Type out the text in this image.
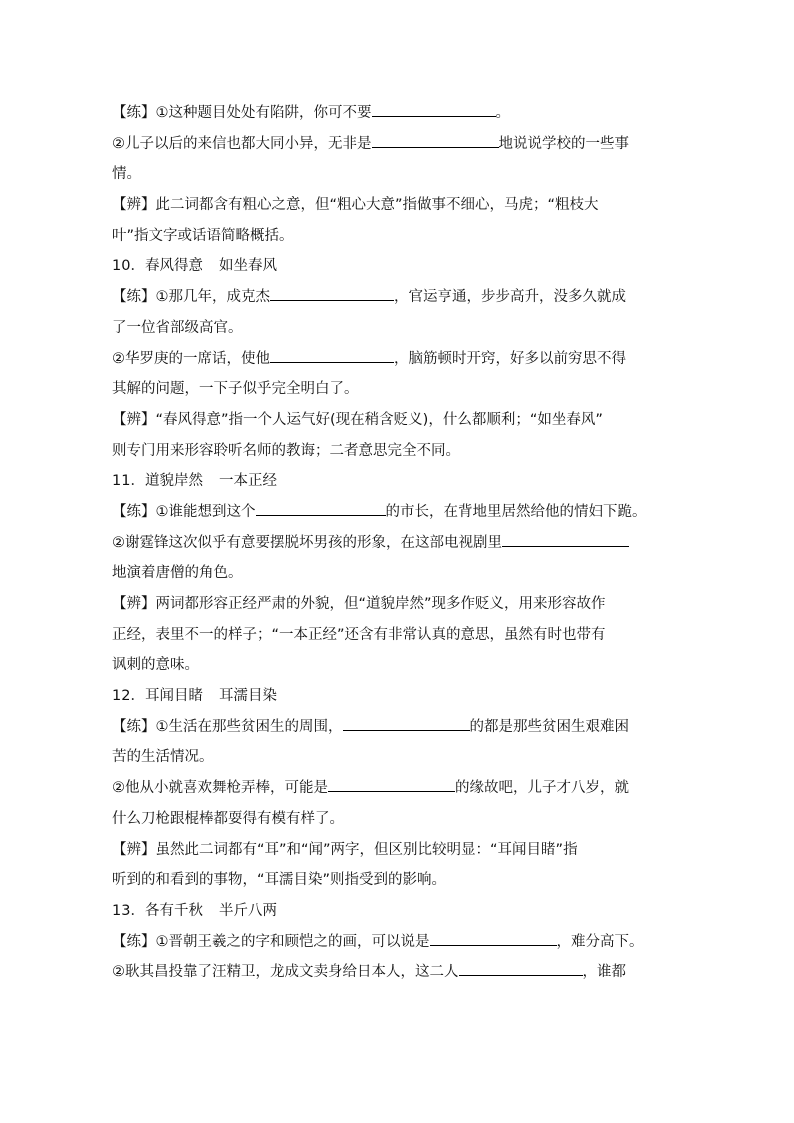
【练】①这种题目处处有陷阱，你可不要	。
②儿子以后的来信也都大同小异，无非是	地说说学校的一些事
情。
【辨】此二词都含有粗心之意，但“粗心大意”指做事不细心，马虎；“粗枝大
叶”指文字或话语简略概括。
10．春风得意 如坐春风
【练】①那几年，成克杰	，官运亨通，步步高升，没多久就成
了一位省部级高官。
②华罗庚的一席话，使他	，脑筋顿时开窍，好多以前穷思不得
其解的问题，一下子似乎完全明白了。
【辨】“春风得意”指一个人运气好(现在稍含贬义)，什么都顺利；“如坐春风”
则专门用来形容聆听名师的教诲；二者意思完全不同。
11．道貌岸然 一本正经
【练】①谁能想到这个	的市长，在背地里居然给他的情妇下跪。
②谢霆锋这次似乎有意要摆脱坏男孩的形象，在这部电视剧里
地演着唐僧的角色。
【辨】两词都形容正经严肃的外貌，但“道貌岸然”现多作贬义，用来形容故作
正经，表里不一的样子；“一本正经”还含有非常认真的意思，虽然有时也带有
讽刺的意味。
12．耳闻目睹 耳濡目染
【练】①生活在那些贫困生的周围，	的都是那些贫困生艰难困
苦的生活情况。
②他从小就喜欢舞枪弄棒，可能是	的缘故吧，儿子才八岁，就
什么刀枪跟棍棒都耍得有模有样了。
【辨】虽然此二词都有“耳”和“闻”两字，但区别比较明显：“耳闻目睹”指
听到的和看到的事物，“耳濡目染”则指受到的影响。
13．各有千秋 半斤八两
【练】①晋朝王羲之的字和顾恺之的画，可以说是	，难分高下。
②耿其昌投靠了汪精卫，龙成文卖身给日本人，这二人	，谁都
